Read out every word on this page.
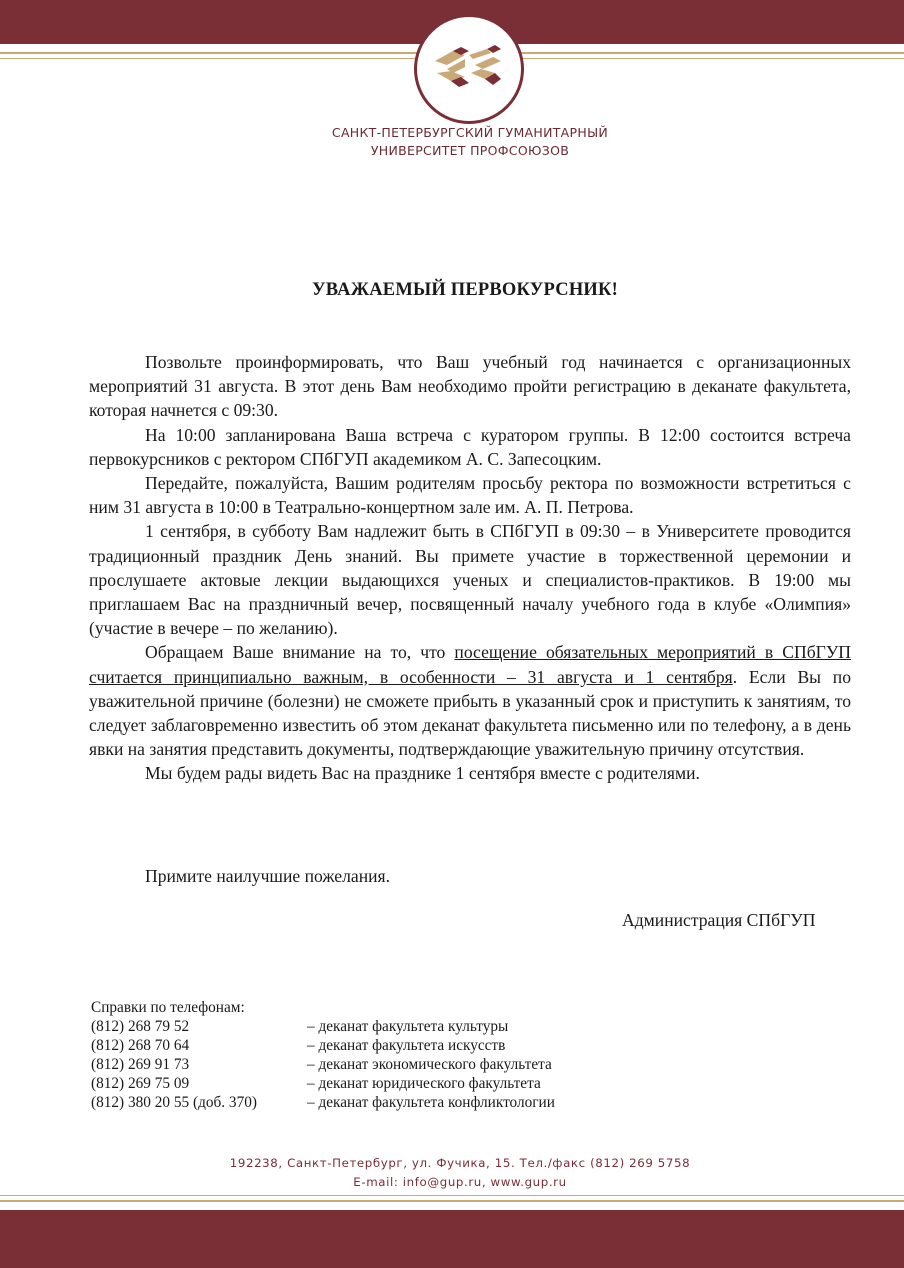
САНКТ-ПЕТЕРБУРГСКИЙ ГУМАНИТАРНЫЙ
УНИВЕРСИТЕТ ПРОФСОЮЗОВ
УВАЖАЕМЫЙ ПЕРВОКУРСНИК!

Позвольте проинформировать, что Ваш учебный год начинается с организационных мероприятий 31 августа. В этот день Вам необходимо пройти регистрацию в деканате факультета, которая начнется с 09:30.

На 10:00 запланирована Ваша встреча с куратором группы. В 12:00 состоится встреча первокурсников с ректором СПбГУП академиком А. С. Запесоцким.

Передайте, пожалуйста, Вашим родителям просьбу ректора по возможности встретиться с ним 31 августа в 10:00 в Театрально-концертном зале им. А. П. Петрова.

1 сентября, в субботу Вам надлежит быть в СПбГУП в 09:30 – в Университете проводится традиционный праздник День знаний. Вы примете участие в торжественной церемонии и прослушаете актовые лекции выдающихся ученых и специалистов-практиков. В 19:00 мы приглашаем Вас на праздничный вечер, посвященный началу учебного года в клубе «Олимпия» (участие в вечере – по желанию).

Обращаем Ваше внимание на то, что посещение обязательных мероприятий в СПбГУП считается принципиально важным, в особенности – 31 августа и 1 сентября. Если Вы по уважительной причине (болезни) не сможете прибыть в указанный срок и приступить к занятиям, то следует заблаговременно известить об этом деканат факультета письменно или по телефону, а в день явки на занятия представить документы, подтверждающие уважительную причину отсутствия.

Мы будем рады видеть Вас на празднике 1 сентября вместе с родителями.

Примите наилучшие пожелания.
Администрация СПбГУП
Справки по телефонам:
(812) 268 79 52	– деканат факультета культуры
(812) 268 70 64	– деканат факультета искусств
(812) 269 91 73	– деканат экономического факультета
(812) 269 75 09	– деканат юридического факультета
(812) 380 20 55 (доб. 370)	– деканат факультета конфликтологии
192238, Санкт-Петербург, ул. Фучика, 15. Тел./факс (812) 269 5758
E-mail: info@gup.ru, www.gup.ru
